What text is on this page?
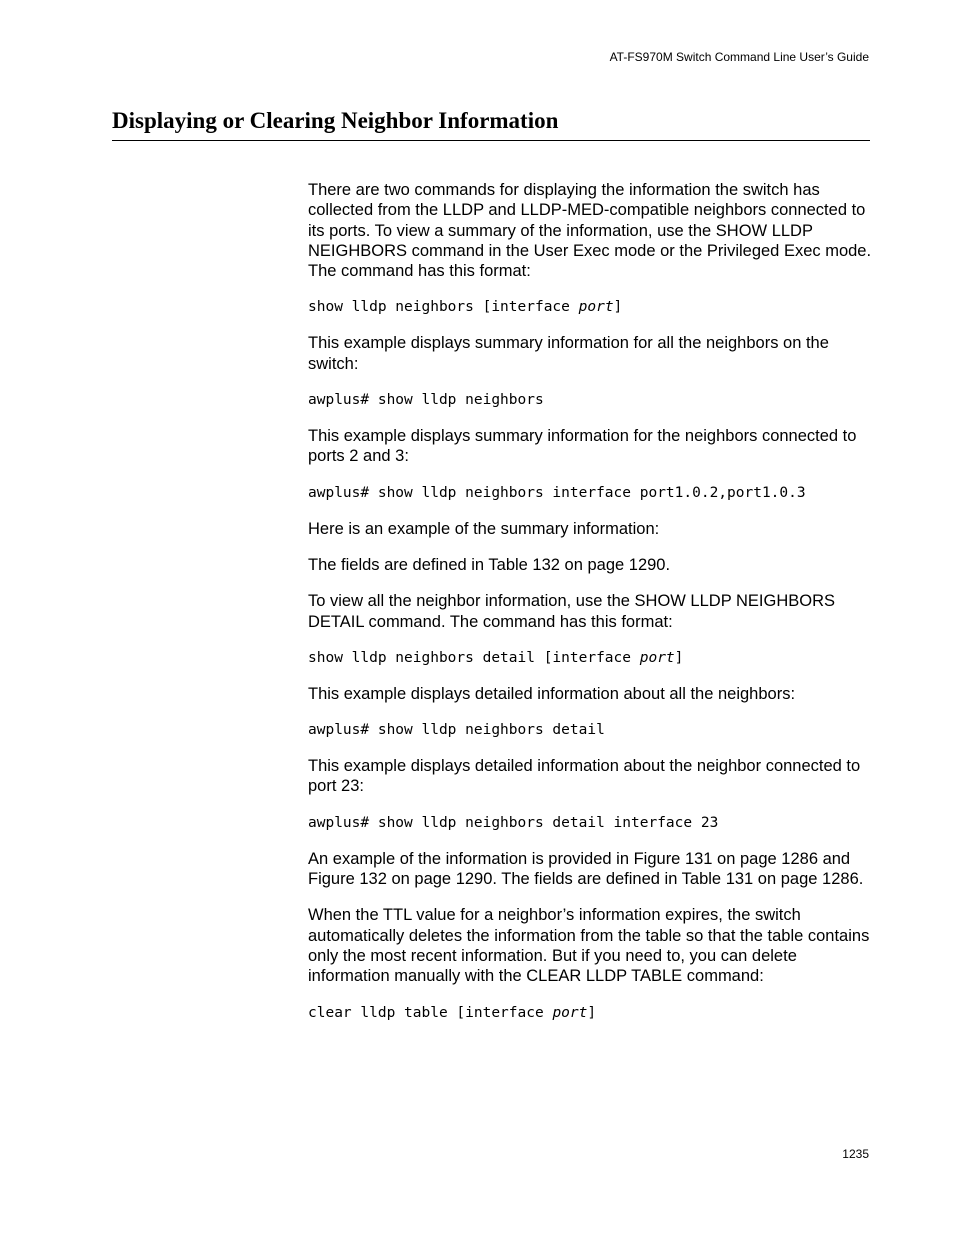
AT-FS970M Switch Command Line User’s Guide
Displaying or Clearing Neighbor Information

There are two commands for displaying the information the switch has collected from the LLDP and LLDP-MED-compatible neighbors connected to its ports. To view a summary of the information, use the SHOW LLDP NEIGHBORS command in the User Exec mode or the Privileged Exec mode. The command has this format:

show lldp neighbors [interface port]

This example displays summary information for all the neighbors on the switch:

awplus# show lldp neighbors

This example displays summary information for the neighbors connected to ports 2 and 3:

awplus# show lldp neighbors interface port1.0.2,port1.0.3

Here is an example of the summary information:

The fields are defined in Table 132 on page 1290.

To view all the neighbor information, use the SHOW LLDP NEIGHBORS DETAIL command. The command has this format:

show lldp neighbors detail [interface port]

This example displays detailed information about all the neighbors:

awplus# show lldp neighbors detail

This example displays detailed information about the neighbor connected to port 23:

awplus# show lldp neighbors detail interface 23

An example of the information is provided in Figure 131 on page 1286 and Figure 132 on page 1290. The fields are defined in Table 131 on page 1286.

When the TTL value for a neighbor’s information expires, the switch automatically deletes the information from the table so that the table contains only the most recent information. But if you need to, you can delete information manually with the CLEAR LLDP TABLE command:

clear lldp table [interface port]
1235
